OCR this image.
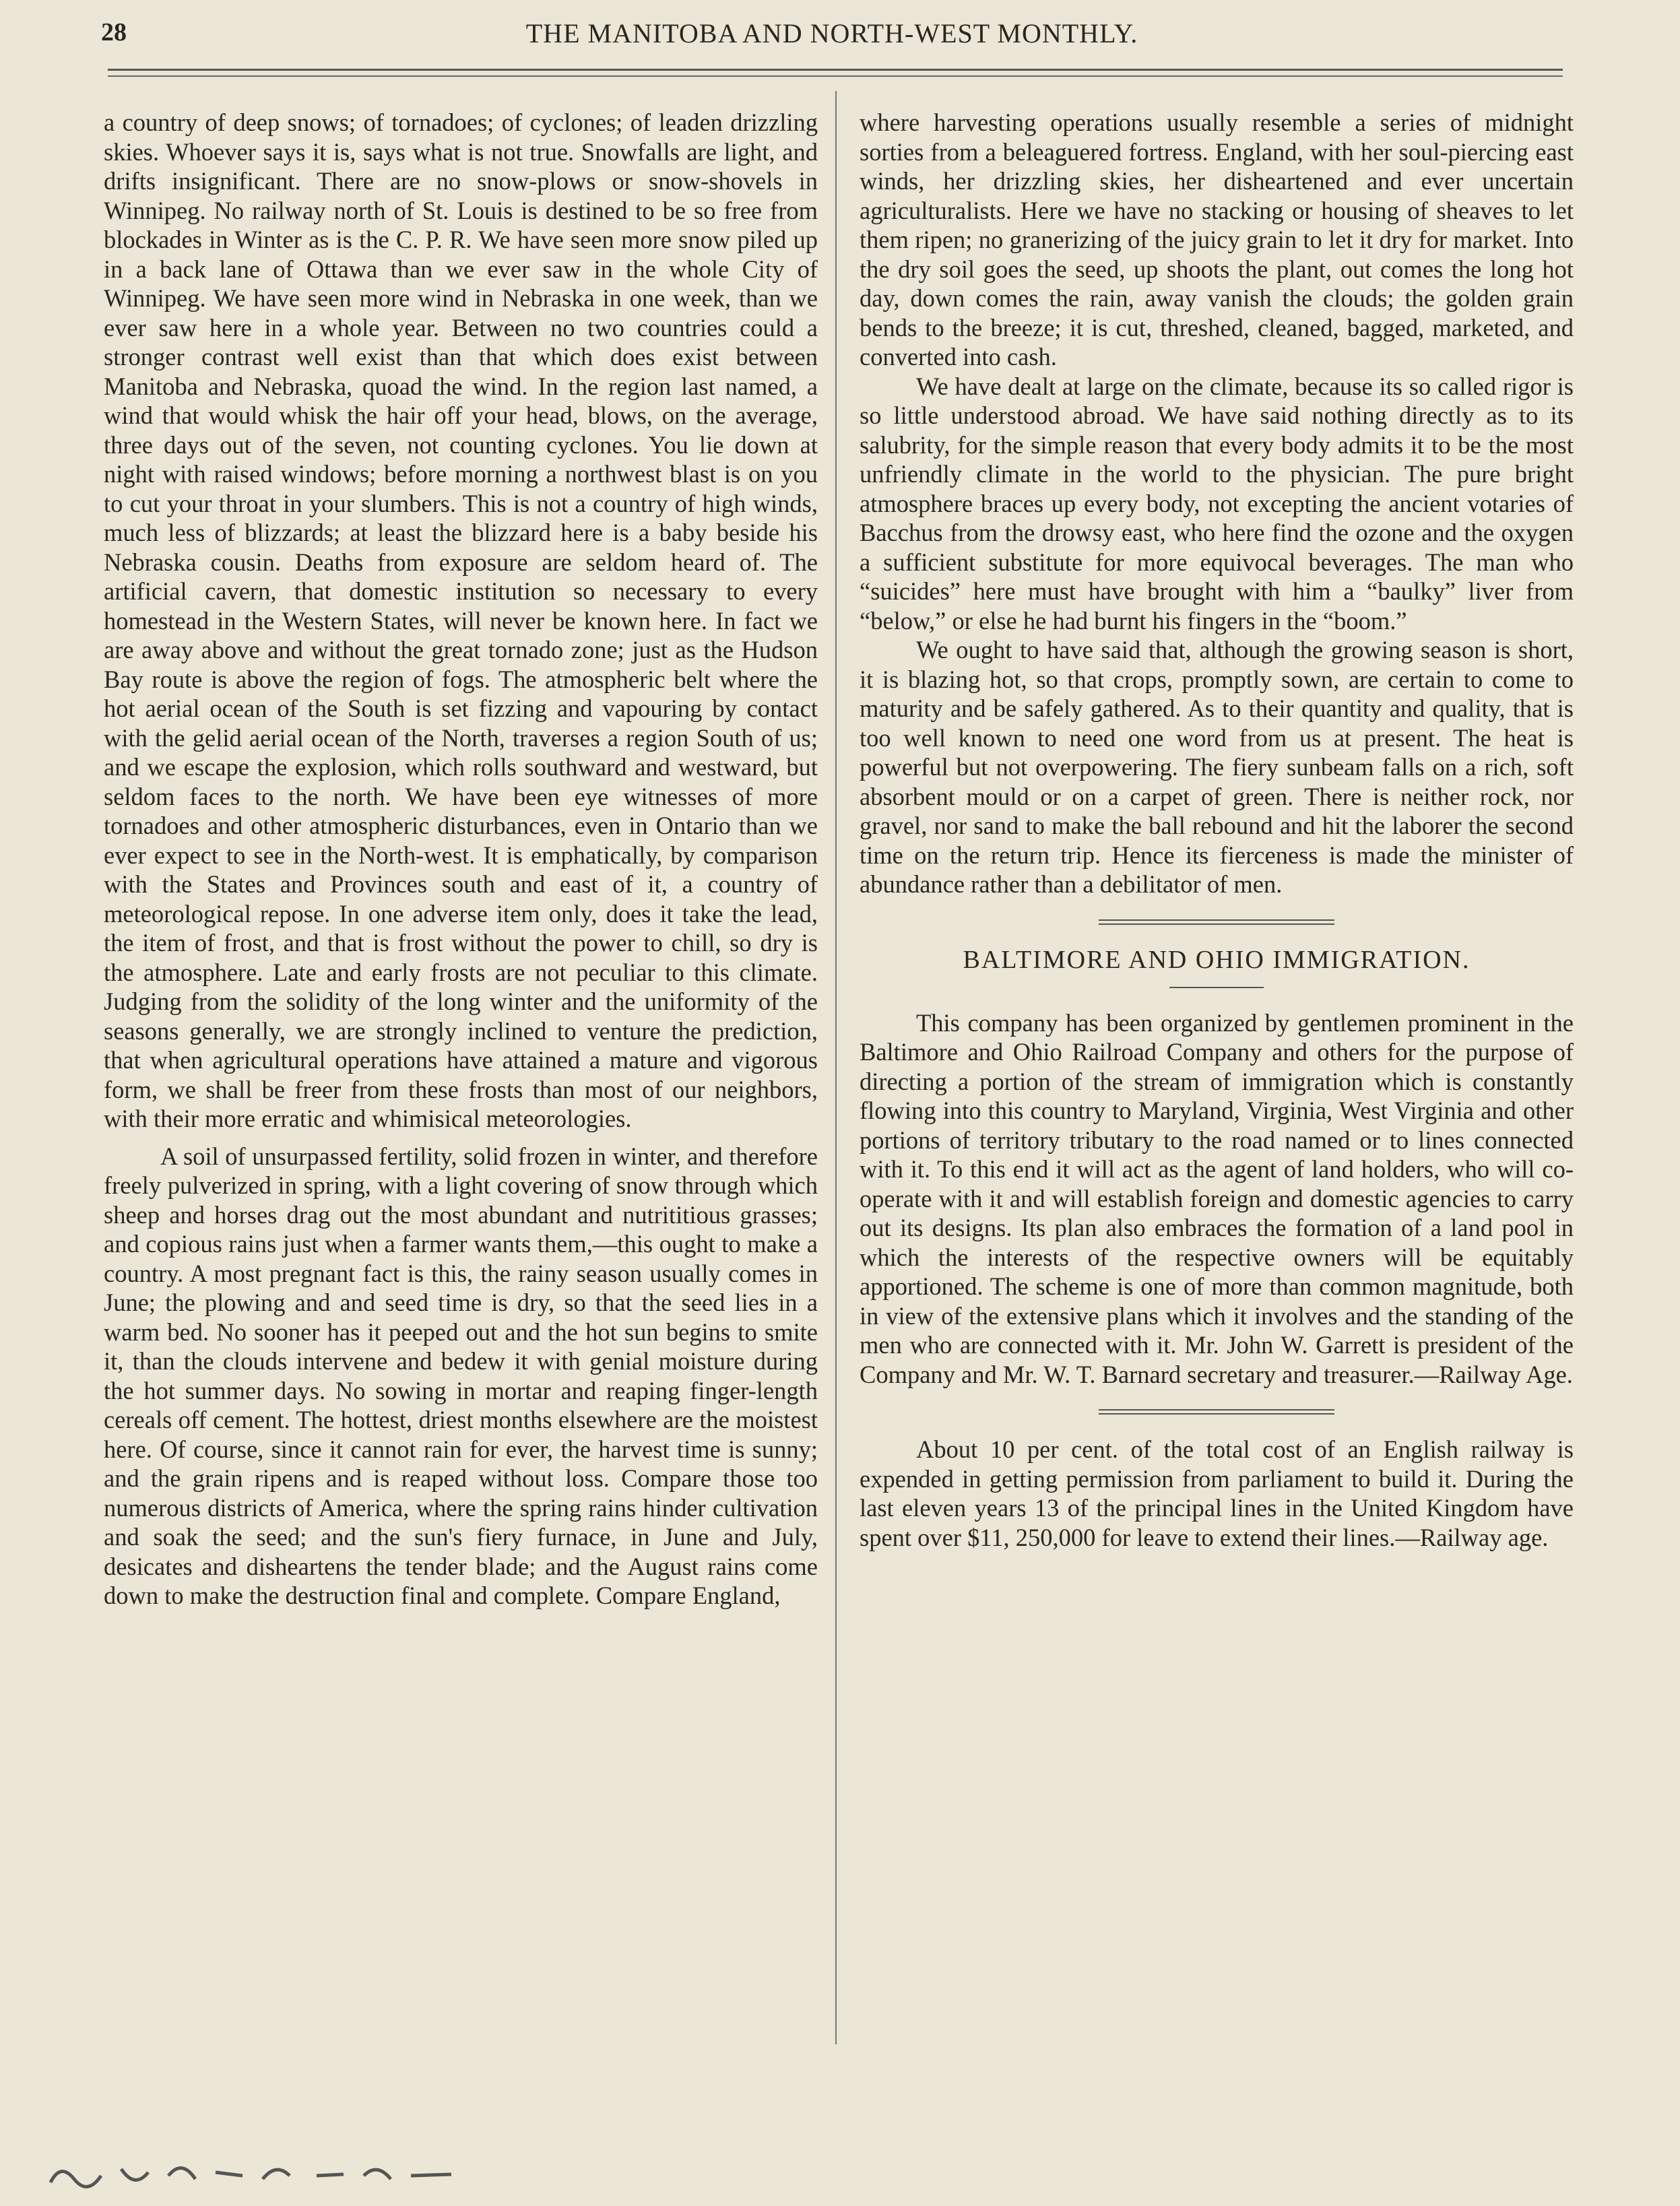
28	THE MANITOBA AND NORTH-WEST MONTHLY.

a country of deep snows; of tornadoes; of cyclones; of leaden drizzling skies. Whoever says it is, says what is not true. Snowfalls are light, and drifts insignificant. There are no snow-plows or snow-shovels in Winnipeg. No railway north of St. Louis is destined to be so free from blockades in Winter as is the C. P. R. We have seen more snow piled up in a back lane of Ottawa than we ever saw in the whole City of Winnipeg. We have seen more wind in Nebraska in one week, than we ever saw here in a whole year. Between no two countries could a stronger contrast well exist than that which does exist between Manitoba and Nebraska, quoad the wind. In the region last named, a wind that would whisk the hair off your head, blows, on the average, three days out of the seven, not counting cyclones. You lie down at night with raised windows; before morning a northwest blast is on you to cut your throat in your slumbers. This is not a country of high winds, much less of blizzards; at least the blizzard here is a baby beside his Nebraska cousin. Deaths from exposure are seldom heard of. The artificial cavern, that domestic institution so necessary to every homestead in the Western States, will never be known here. In fact we are away above and without the great tornado zone; just as the Hudson Bay route is above the region of fogs. The atmospheric belt where the hot aerial ocean of the South is set fizzing and vapouring by contact with the gelid aerial ocean of the North, traverses a region South of us; and we escape the explosion, which rolls southward and westward, but seldom faces to the north. We have been eye witnesses of more tornadoes and other atmospheric disturbances, even in Ontario than we ever expect to see in the North-west. It is emphatically, by comparison with the States and Provinces south and east of it, a country of meteorological repose. In one adverse item only, does it take the lead, the item of frost, and that is frost without the power to chill, so dry is the atmosphere. Late and early frosts are not peculiar to this climate. Judging from the solidity of the long winter and the uniformity of the seasons generally, we are strongly inclined to venture the prediction, that when agricultural operations have attained a mature and vigorous form, we shall be freer from these frosts than most of our neighbors, with their more erratic and whimisical meteorologies.

A soil of unsurpassed fertility, solid frozen in winter, and therefore freely pulverized in spring, with a light covering of snow through which sheep and horses drag out the most abundant and nutrititious grasses; and copious rains just when a farmer wants them,—this ought to make a country. A most pregnant fact is this, the rainy season usually comes in June; the plowing and and seed time is dry, so that the seed lies in a warm bed. No sooner has it peeped out and the hot sun begins to smite it, than the clouds intervene and bedew it with genial moisture during the hot summer days. No sowing in mortar and reaping finger-length cereals off cement. The hottest, driest months elsewhere are the moistest here. Of course, since it cannot rain for ever, the harvest time is sunny; and the grain ripens and is reaped without loss. Compare those too numerous districts of America, where the spring rains hinder cultivation and soak the seed; and the sun's fiery furnace, in June and July, desicates and disheartens the tender blade; and the August rains come down to make the destruction final and complete. Compare England,

where harvesting operations usually resemble a series of midnight sorties from a beleaguered fortress. England, with her soul-piercing east winds, her drizzling skies, her disheartened and ever uncertain agriculturalists. Here we have no stacking or housing of sheaves to let them ripen; no granerizing of the juicy grain to let it dry for market. Into the dry soil goes the seed, up shoots the plant, out comes the long hot day, down comes the rain, away vanish the clouds; the golden grain bends to the breeze; it is cut, threshed, cleaned, bagged, marketed, and converted into cash.

We have dealt at large on the climate, because its so called rigor is so little understood abroad. We have said nothing directly as to its salubrity, for the simple reason that every body admits it to be the most unfriendly climate in the world to the physician. The pure bright atmosphere braces up every body, not excepting the ancient votaries of Bacchus from the drowsy east, who here find the ozone and the oxygen a sufficient substitute for more equivocal beverages. The man who “suicides” here must have brought with him a “baulky” liver from “below,” or else he had burnt his fingers in the “boom.”

We ought to have said that, although the growing season is short, it is blazing hot, so that crops, promptly sown, are certain to come to maturity and be safely gathered. As to their quantity and quality, that is too well known to need one word from us at present. The heat is powerful but not overpowering. The fiery sunbeam falls on a rich, soft absorbent mould or on a carpet of green. There is neither rock, nor gravel, nor sand to make the ball rebound and hit the laborer the second time on the return trip. Hence its fierceness is made the minister of abundance rather than a debilitator of men.

BALTIMORE AND OHIO IMMIGRATION.

This company has been organized by gentlemen prominent in the Baltimore and Ohio Railroad Company and others for the purpose of directing a portion of the stream of immigration which is constantly flowing into this country to Maryland, Virginia, West Virginia and other portions of territory tributary to the road named or to lines connected with it. To this end it will act as the agent of land holders, who will co-operate with it and will establish foreign and domestic agencies to carry out its designs. Its plan also embraces the formation of a land pool in which the interests of the respective owners will be equitably apportioned. The scheme is one of more than common magnitude, both in view of the extensive plans which it involves and the standing of the men who are connected with it. Mr. John W. Garrett is president of the Company and Mr. W. T. Barnard secretary and treasurer.—Railway Age.

About 10 per cent. of the total cost of an English railway is expended in getting permission from parliament to build it. During the last eleven years 13 of the principal lines in the United Kingdom have spent over $11, 250,000 for leave to extend their lines.—Railway age.
